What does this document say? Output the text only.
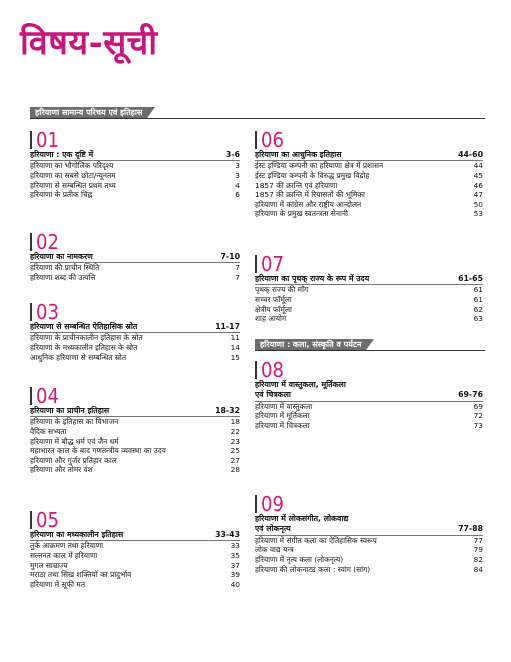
विषय-सूची
हरियाणा सामान्य परिचय एवं इतिहास
हरियाणा : कला, संस्कृति व पर्यटन
01
हरियाणा : एक दृष्टि में	3-6
हरियाणा का भौगोलिक परिदृश्य	3
हरियाणा का सबसे छोटा/न्यूनतम	3
हरियाणा से सम्बन्धित प्रथम तथ्य	4
हरियाणा के प्रतीक चिह्न	6
02
हरियाणा का नामकरण	7-10
हरियाणा की प्राचीन स्थिति	7
हरियाणा शब्द की उत्पत्ति	7
03
हरियाणा से सम्बन्धित ऐतिहासिक स्रोत	11-17
हरियाणा के प्राचीनकालीन इतिहास के स्रोत	11
हरियाणा के मध्यकालीन इतिहास के स्रोत	14
आधुनिक हरियाणा से सम्बन्धित स्रोत	15
04
हरियाणा का प्राचीन इतिहास	18-32
हरियाणा के इतिहास का विभाजन	18
वैदिक सभ्यता	22
हरियाणा में बौद्ध धर्म एवं जैन धर्म	23
महाभारत काल के बाद गणतन्त्रीय व्यवस्था का उदय	25
हरियाणा और गुर्जर प्रतिहार काल	27
हरियाणा और तोमर वंश	28
05
हरियाणा का मध्यकालीन इतिहास	33-43
तुर्क आक्रमण तथा हरियाणा	33
सल्तनत काल में हरियाणा	35
मुगल साम्राज्य	37
मराठा तथा सिख शक्तियों का प्रादुर्भाव	39
हरियाणा में सूफी मत	40
06
हरियाणा का आधुनिक इतिहास	44-60
ईस्ट इण्डिया कम्पनी का हरियाणा क्षेत्र में प्रशासन	44
ईस्ट इण्डिया कम्पनी के विरुद्ध प्रमुख विद्रोह	45
1857 की क्रान्ति एवं हरियाणा	46
1857 की क्रान्ति में रियासतों की भूमिका	47
हरियाणा में कांग्रेस और राष्ट्रीय आन्दोलन	50
हरियाणा के प्रमुख स्वतन्त्रता सेनानी	53
07
हरियाणा का पृथक् राज्य के रूप में उदय	61-65
पृथक् राज्य की माँग	61
सच्चर फॉर्मूला	61
क्षेत्रीय फॉर्मूला	62
शाह आयोग	63
08
हरियाणा में वास्तुकला, मूर्तिकला
एवं चित्रकला	69-76
हरियाणा में वास्तुकला	69
हरियाणा में मूर्तिकला	72
हरियाणा में चित्रकला	73
09
हरियाणा में लोकसंगीत, लोकवाद्य
एवं लोकनृत्य	77-88
हरियाणा में संगीत कला का ऐतिहासिक स्वरूप	77
लोक वाद्य यन्त्र	79
हरियाणा में नृत्य कला (लोकनृत्य)	82
हरियाणा की लोकनाट्य कला : स्वांग (सांग)	84
